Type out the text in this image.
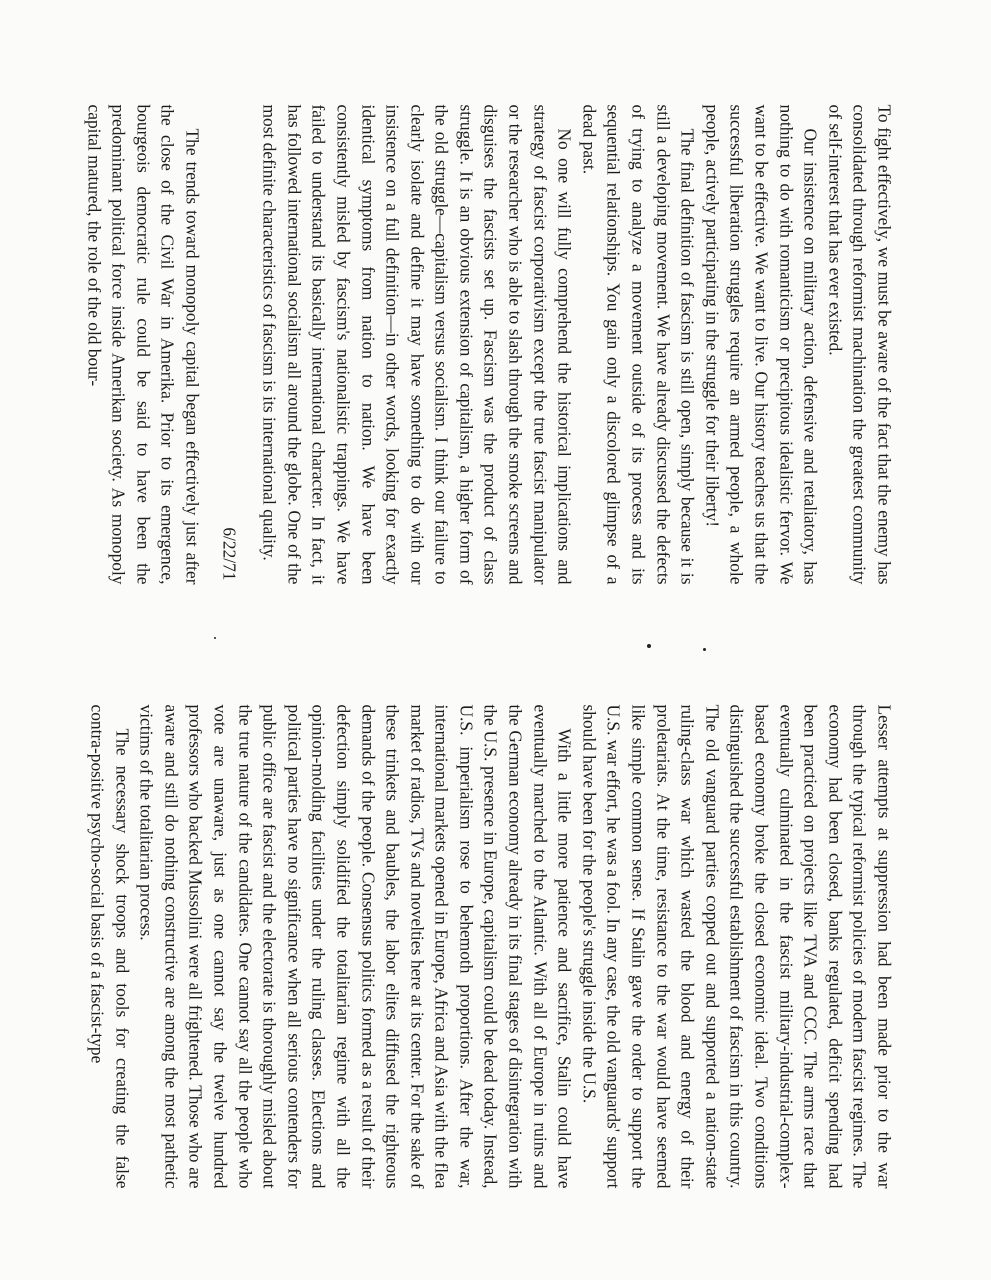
To fight effectively, we must be aware of the fact that the enemy has consolidated through reformist machination the greatest community of self-interest that has ever existed.

Our insistence on military action, defensive and retaliatory, has nothing to do with romanticism or precipitous idealistic fervor. We want to be effective. We want to live. Our history teaches us that the successful liberation struggles require an armed people, a whole people, actively participating in the struggle for their liberty!

The final definition of fascism is still open, simply because it is still a developing movement. We have already discussed the defects of trying to analyze a movement outside of its process and its sequential relationships. You gain only a discolored glimpse of a dead past.

No one will fully comprehend the historical implications and strategy of fascist corporativism except the true fascist manipulator or the researcher who is able to slash through the smoke screens and disguises the fascists set up. Fascism was the product of class struggle. It is an obvious extension of capitalism, a higher form of the old struggle—capitalism versus socialism. I think our failure to clearly isolate and define it may have something to do with our insistence on a full definition—in other words, looking for exactly identical symptoms from nation to nation. We have been consistently misled by fascism's nationalistic trappings. We have failed to understand its basically international character. In fact, it has followed international socialism all around the globe. One of the most definite characteristics of fascism is its international quality.

6/22/71

The trends toward monopoly capital began effectively just after the close of the Civil War in Amerika. Prior to its emergence, bourgeois democratic rule could be said to have been the predominant political force inside Amerikan society. As monopoly capital matured, the role of the old bour-

Lesser attempts at suppression had been made prior to the war through the typical reformist policies of modern fascist regimes. The economy had been closed, banks regulated, deficit spending had been practiced on projects like TVA and CCC. The arms race that eventually culminated in the fascist military-industrial-complex-based economy broke the closed economic ideal. Two conditions distinguished the successful establishment of fascism in this country. The old vanguard parties copped out and supported a nation-state ruling-class war which wasted the blood and energy of their proletariats. At the time, resistance to the war would have seemed like simple common sense. If Stalin gave the order to support the U.S. war effort, he was a fool. In any case, the old vanguards' support should have been for the people's struggle inside the U.S.

With a little more patience and sacrifice, Stalin could have eventually marched to the Atlantic. With all of Europe in ruins and the German economy already in its final stages of disintegration with the U.S. presence in Europe, capitalism could be dead today. Instead, U.S. imperialism rose to behemoth proportions. After the war, international markets opened in Europe, Africa and Asia with the flea market of radios, TVs and novelties here at its center. For the sake of these trinkets and baubles, the labor elites diffused the righteous demands of the people. Consensus politics formed as a result of their defection simply solidified the totalitarian regime with all the opinion-molding facilities under the ruling classes. Elections and political parties have no significance when all serious contenders for public office are fascist and the electorate is thoroughly misled about the true nature of the candidates. One cannot say all the people who vote are unaware, just as one cannot say the twelve hundred professors who backed Mussolini were all frightened. Those who are aware and still do nothing constructive are among the most pathetic victims of the totalitarian process.

The necessary shock troops and tools for creating the false contra-positive psycho-social basis of a fascist-type
